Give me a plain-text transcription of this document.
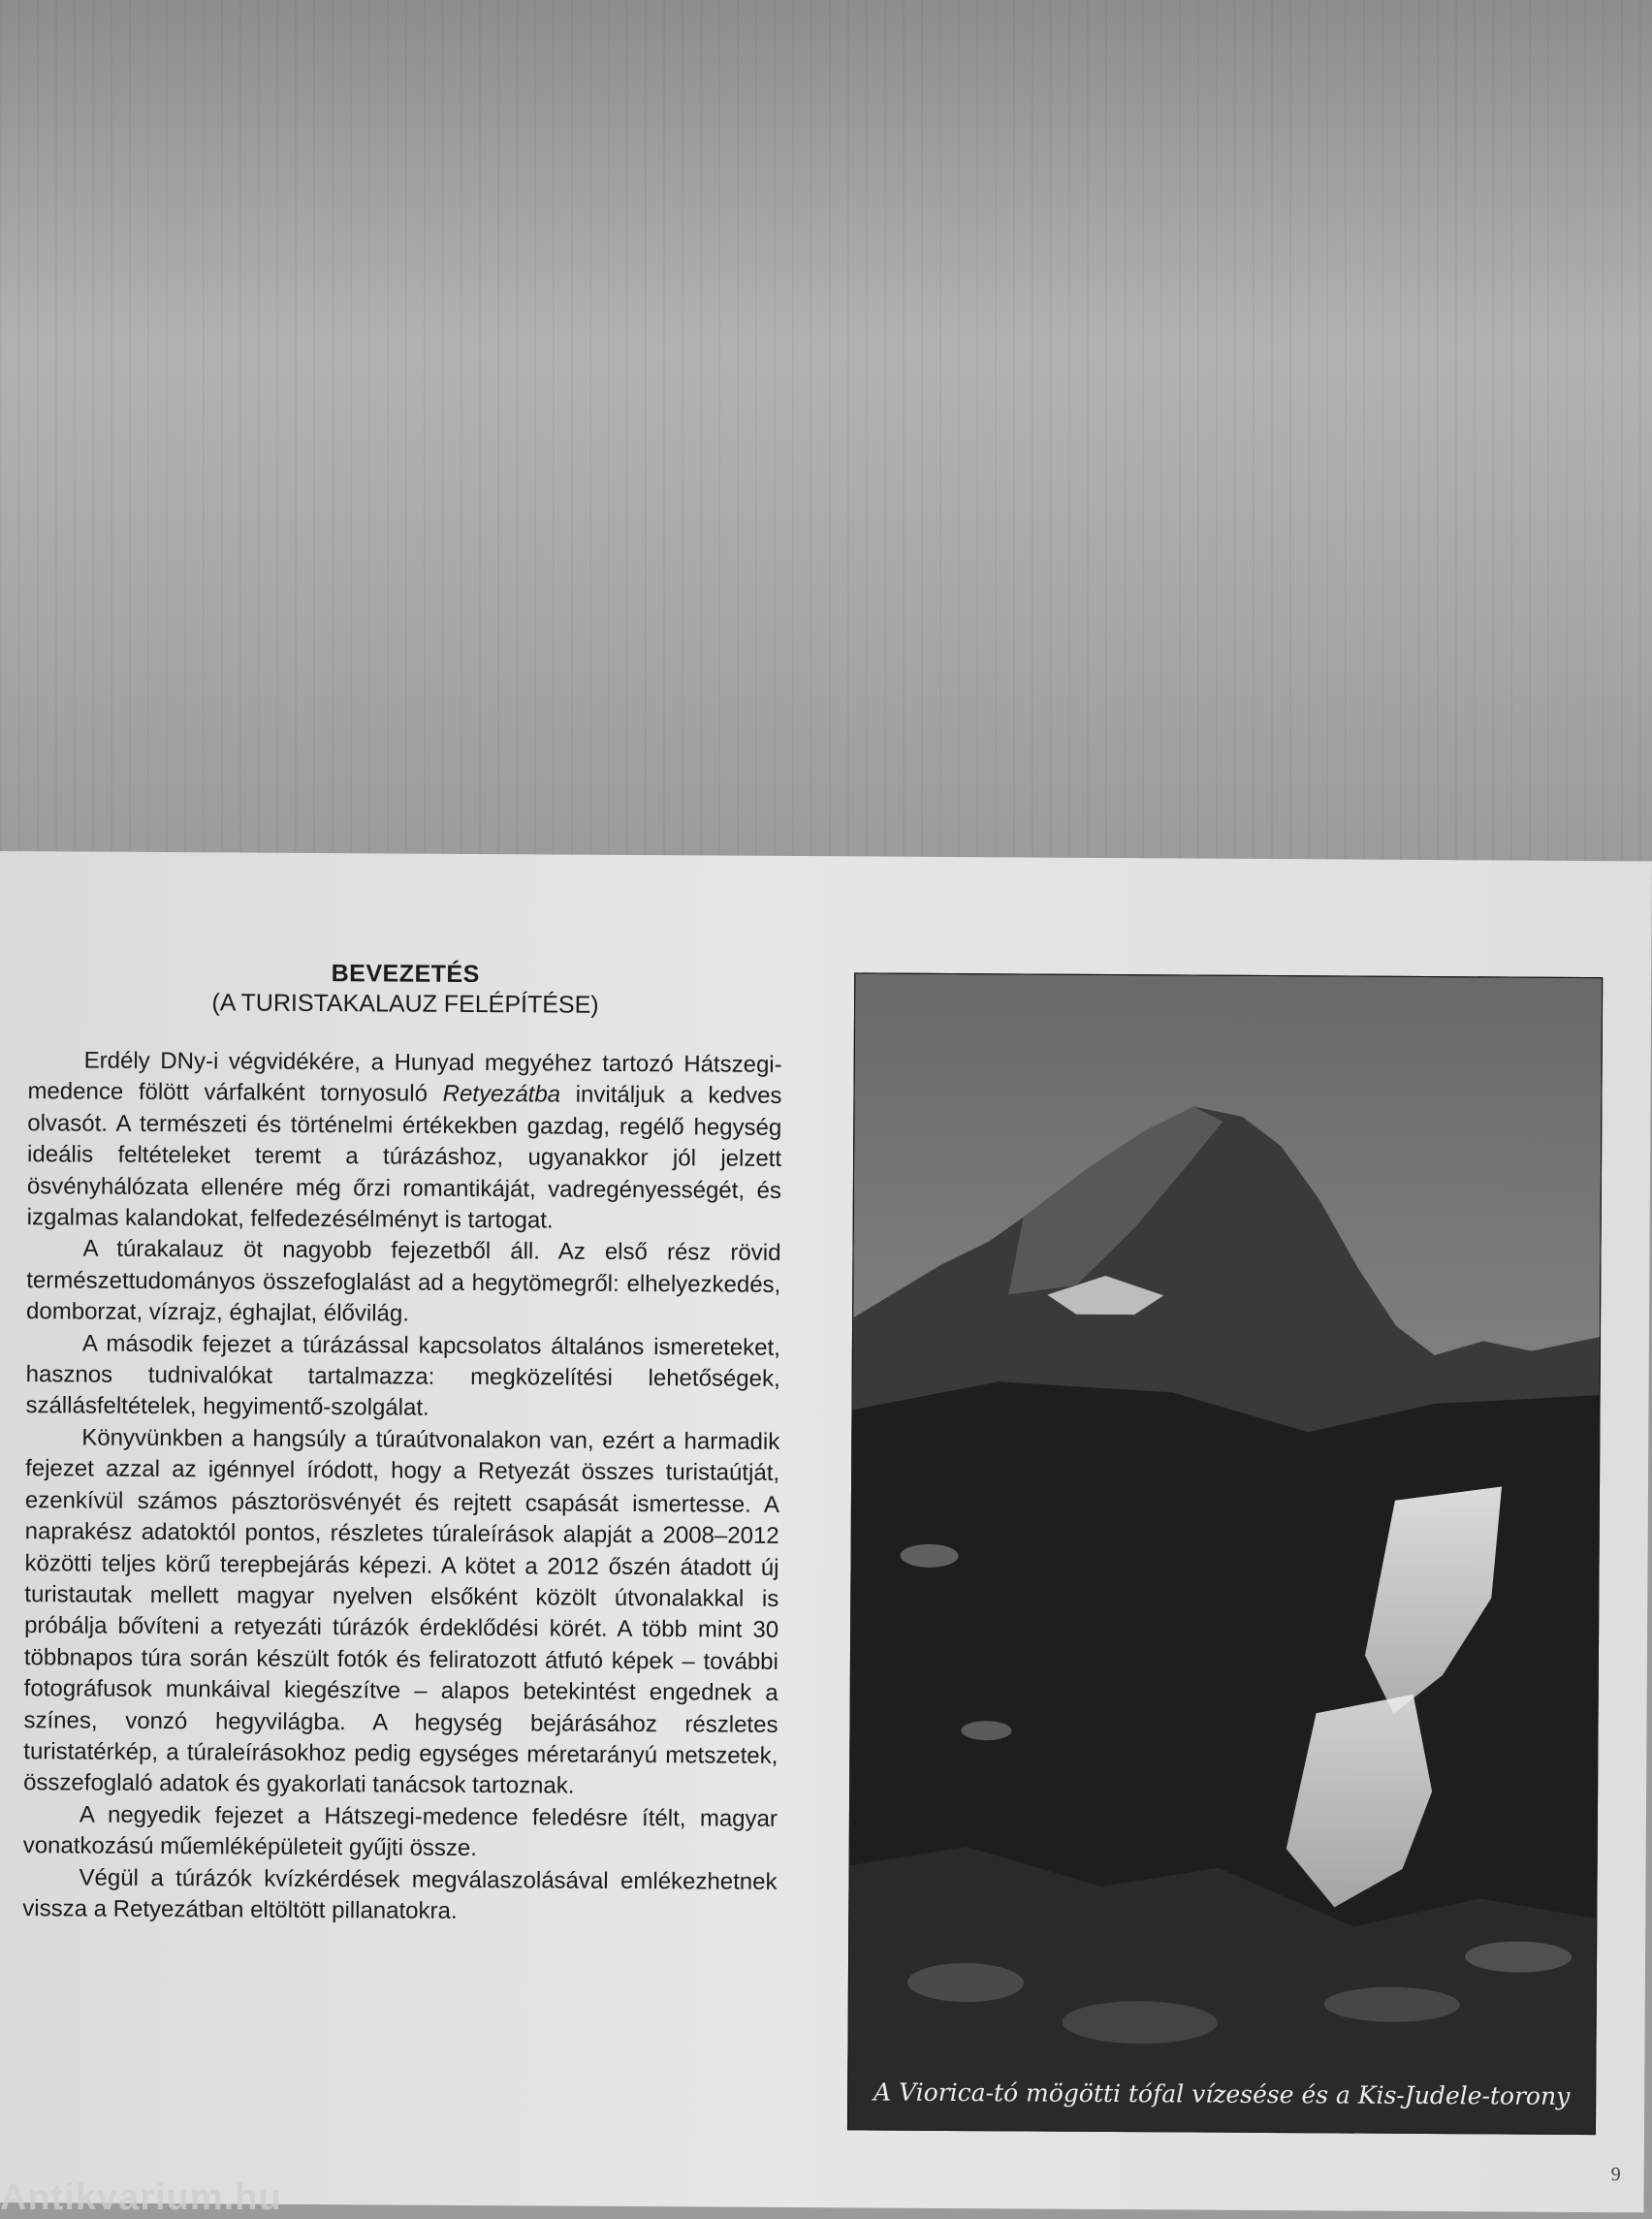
BEVEZETÉS
(A TURISTAKALAUZ FELÉPÍTÉSE)

Erdély DNy-i végvidékére, a Hunyad megyéhez tartozó Hátszegi-medence fölött várfalként tornyosuló Retyezátba invitáljuk a kedves olvasót. A természeti és történelmi értékekben gazdag, regélő hegység ideális feltételeket teremt a túrázáshoz, ugyanakkor jól jelzett ösvényhálózata ellenére még őrzi romantikáját, vadregényességét, és izgalmas kalandokat, felfedezésélményt is tartogat.

A túrakalauz öt nagyobb fejezetből áll. Az első rész rövid természettudományos összefoglalást ad a hegytömegről: elhelyezkedés, domborzat, vízrajz, éghajlat, élővilág.

A második fejezet a túrázással kapcsolatos általános ismereteket, hasznos tudnivalókat tartalmazza: megközelítési lehetőségek, szállásfeltételek, hegyimentő-szolgálat.

Könyvünkben a hangsúly a túraútvonalakon van, ezért a harmadik fejezet azzal az igénnyel íródott, hogy a Retyezát összes turistaútját, ezenkívül számos pásztorösvényét és rejtett csapását ismertesse. A naprakész adatoktól pontos, részletes túraleírások alapját a 2008–2012 közötti teljes körű terepbejárás képezi. A kötet a 2012 őszén átadott új turistautak mellett magyar nyelven elsőként közölt útvonalakkal is próbálja bővíteni a retyezáti túrázók érdeklődési körét. A több mint 30 többnapos túra során készült fotók és feliratozott átfutó képek – további fotográfusok munkáival kiegészítve – alapos betekintést engednek a színes, vonzó hegyvilágba. A hegység bejárásához részletes turistatérkép, a túraleírásokhoz pedig egységes méretarányú metszetek, összefoglaló adatok és gyakorlati tanácsok tartoznak.

A negyedik fejezet a Hátszegi-medence feledésre ítélt, magyar vonatkozású műemléképületeit gyűjti össze.

Végül a túrázók kvízkérdések megválaszolásával emlékezhetnek vissza a Retyezátban eltöltött pillanatokra.

A Viorica-tó mögötti tófal vízesése és a Kis-Judele-torony
9
Antikvarium.hu
